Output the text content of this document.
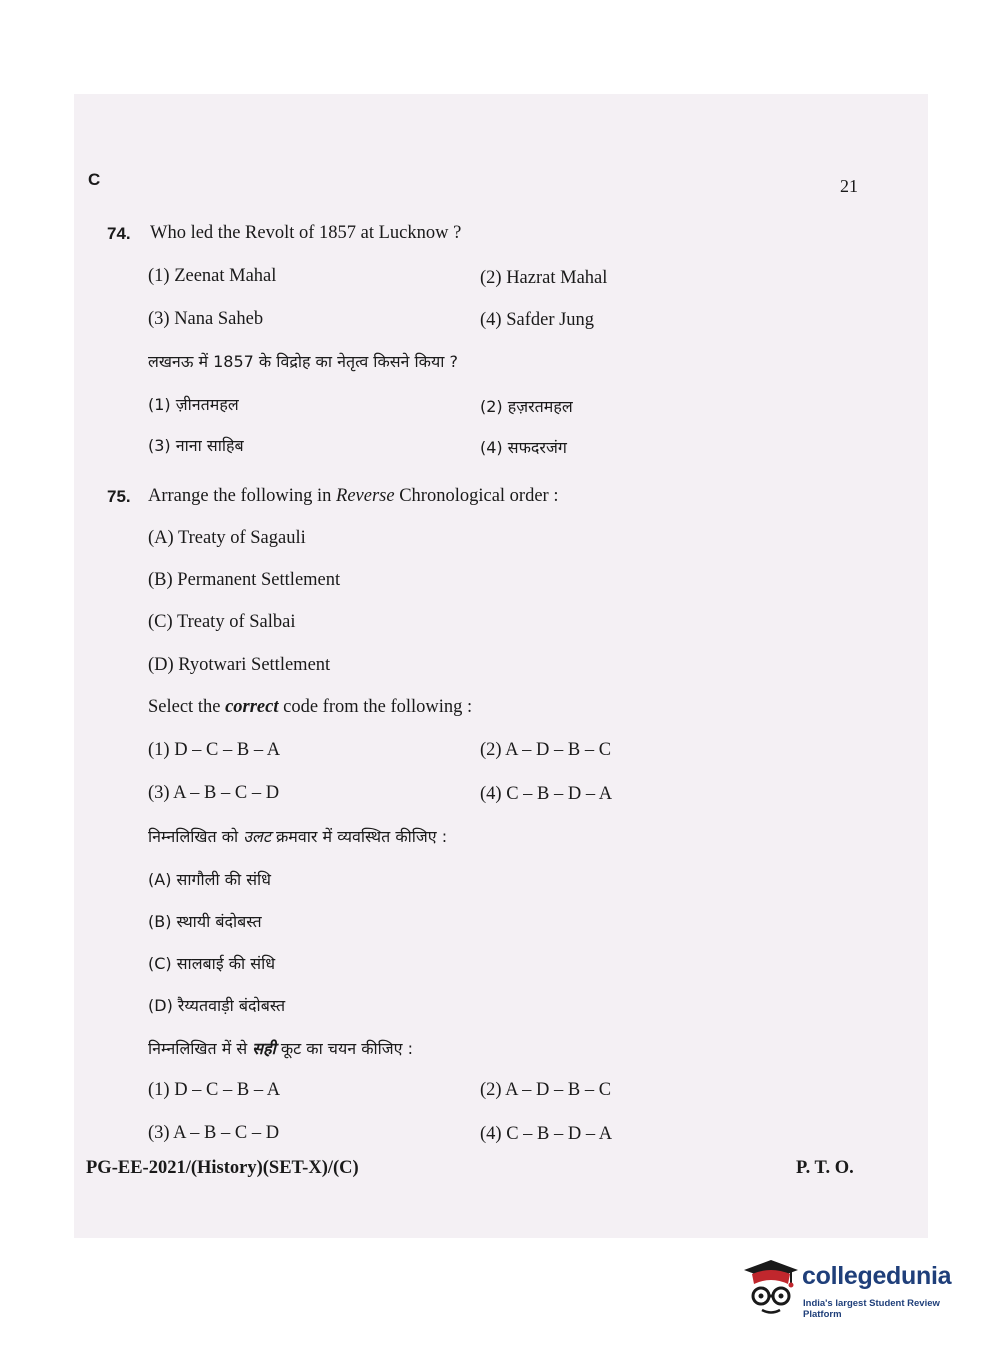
C	21
74. Who led the Revolt of 1857 at Lucknow ?
(1) Zeenat Mahal	(2) Hazrat Mahal
(3) Nana Saheb	(4) Safder Jung
लखनऊ में 1857 के विद्रोह का नेतृत्व किसने किया ?
(1) ज़ीनतमहल	(2) हज़रतमहल
(3) नाना साहिब	(4) सफदरजंग
75. Arrange the following in Reverse Chronological order :
(A) Treaty of Sagauli
(B) Permanent Settlement
(C) Treaty of Salbai
(D) Ryotwari Settlement
Select the correct code from the following :
(1) D – C – B – A	(2) A – D – B – C
(3) A – B – C – D	(4) C – B – D – A
निम्नलिखित को उलट क्रमवार में व्यवस्थित कीजिए :
(A) सागौली की संधि
(B) स्थायी बंदोबस्त
(C) सालबाई की संधि
(D) रैय्यतवाड़ी बंदोबस्त
निम्नलिखित में से सही कूट का चयन कीजिए :
(1) D – C – B – A	(2) A – D – B – C
(3) A – B – C – D	(4) C – B – D – A
PG-EE-2021/(History)(SET-X)/(C)	P. T. O.
collegedunia
India's largest Student Review Platform
